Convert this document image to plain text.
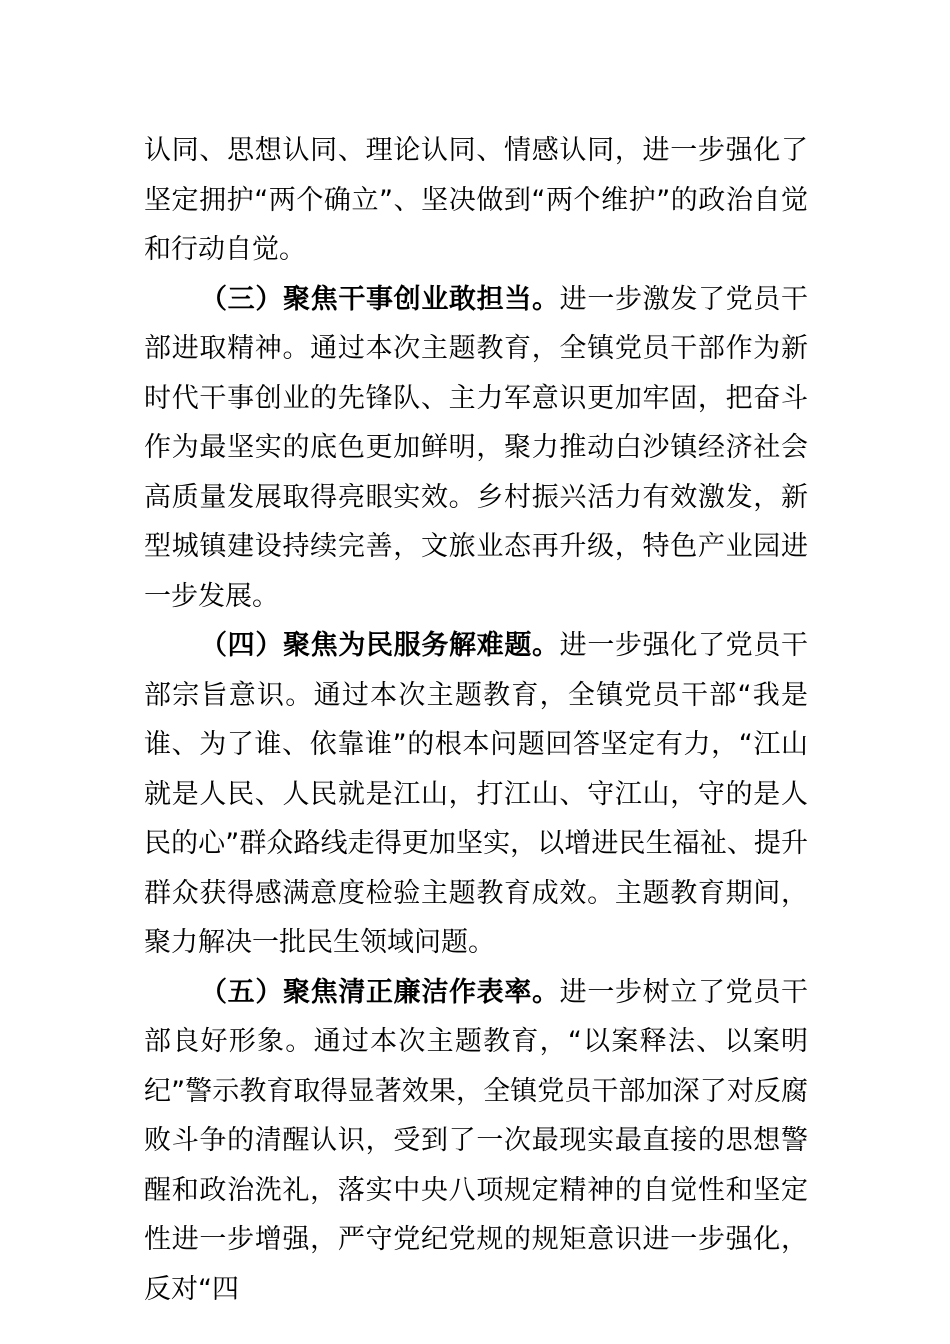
认同、思想认同、理论认同、情感认同，进一步强化了坚定拥护“两个确立”、坚决做到“两个维护”的政治自觉和行动自觉。

（三）聚焦干事创业敢担当。进一步激发了党员干部进取精神。通过本次主题教育，全镇党员干部作为新时代干事创业的先锋队、主力军意识更加牢固，把奋斗作为最坚实的底色更加鲜明，聚力推动白沙镇经济社会高质量发展取得亮眼实效。乡村振兴活力有效激发，新型城镇建设持续完善，文旅业态再升级，特色产业园进一步发展。

（四）聚焦为民服务解难题。进一步强化了党员干部宗旨意识。通过本次主题教育，全镇党员干部“我是谁、为了谁、依靠谁”的根本问题回答坚定有力，“江山就是人民、人民就是江山，打江山、守江山，守的是人民的心”群众路线走得更加坚实，以增进民生福祉、提升群众获得感满意度检验主题教育成效。主题教育期间，聚力解决一批民生领域问题。

（五）聚焦清正廉洁作表率。进一步树立了党员干部良好形象。通过本次主题教育，“以案释法、以案明纪”警示教育取得显著效果，全镇党员干部加深了对反腐败斗争的清醒认识，受到了一次最现实最直接的思想警醒和政治洗礼，落实中央八项规定精神的自觉性和坚定性进一步增强，严守党纪党规的规矩意识进一步强化，反对“四
